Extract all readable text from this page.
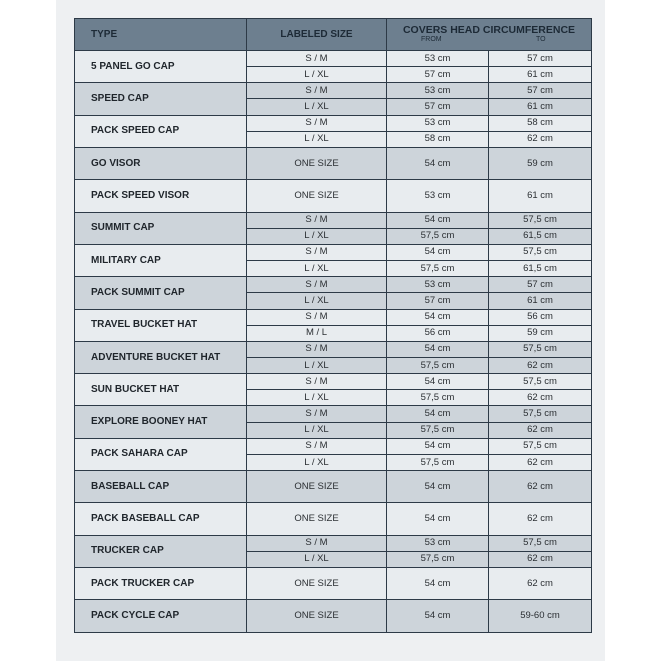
TYPE	LABELED SIZE	COVERS HEAD CIRCUMFERENCE
FROM TO	

5 PANEL GO CAP	S / M	53 cm	57 cm
	L / XL	57 cm	61 cm
SPEED CAP	S / M	53 cm	57 cm
	L / XL	57 cm	61 cm
PACK SPEED CAP	S / M	53 cm	58 cm
	L / XL	58 cm	62 cm
GO VISOR	ONE SIZE	54 cm	59 cm
PACK SPEED VISOR	ONE SIZE	53 cm	61 cm
SUMMIT CAP	S / M	54 cm	57,5 cm
	L / XL	57,5 cm	61,5 cm
MILITARY CAP	S / M	54 cm	57,5 cm
	L / XL	57,5 cm	61,5 cm
PACK SUMMIT CAP	S / M	53 cm	57 cm
	L / XL	57 cm	61 cm
TRAVEL BUCKET HAT	S / M	54 cm	56 cm
	M / L	56 cm	59 cm
ADVENTURE BUCKET HAT	S / M	54 cm	57,5 cm
	L / XL	57,5 cm	62 cm
SUN BUCKET HAT	S / M	54 cm	57,5 cm
	L / XL	57,5 cm	62 cm
EXPLORE BOONEY HAT	S / M	54 cm	57,5 cm
	L / XL	57,5 cm	62 cm
PACK SAHARA CAP	S / M	54 cm	57,5 cm
	L / XL	57,5 cm	62 cm
BASEBALL CAP	ONE SIZE	54 cm	62 cm
PACK BASEBALL CAP	ONE SIZE	54 cm	62 cm
TRUCKER CAP	S / M	53 cm	57,5 cm
	L / XL	57,5 cm	62 cm
PACK TRUCKER CAP	ONE SIZE	54 cm	62 cm
PACK CYCLE CAP	ONE SIZE	54 cm	59-60 cm
